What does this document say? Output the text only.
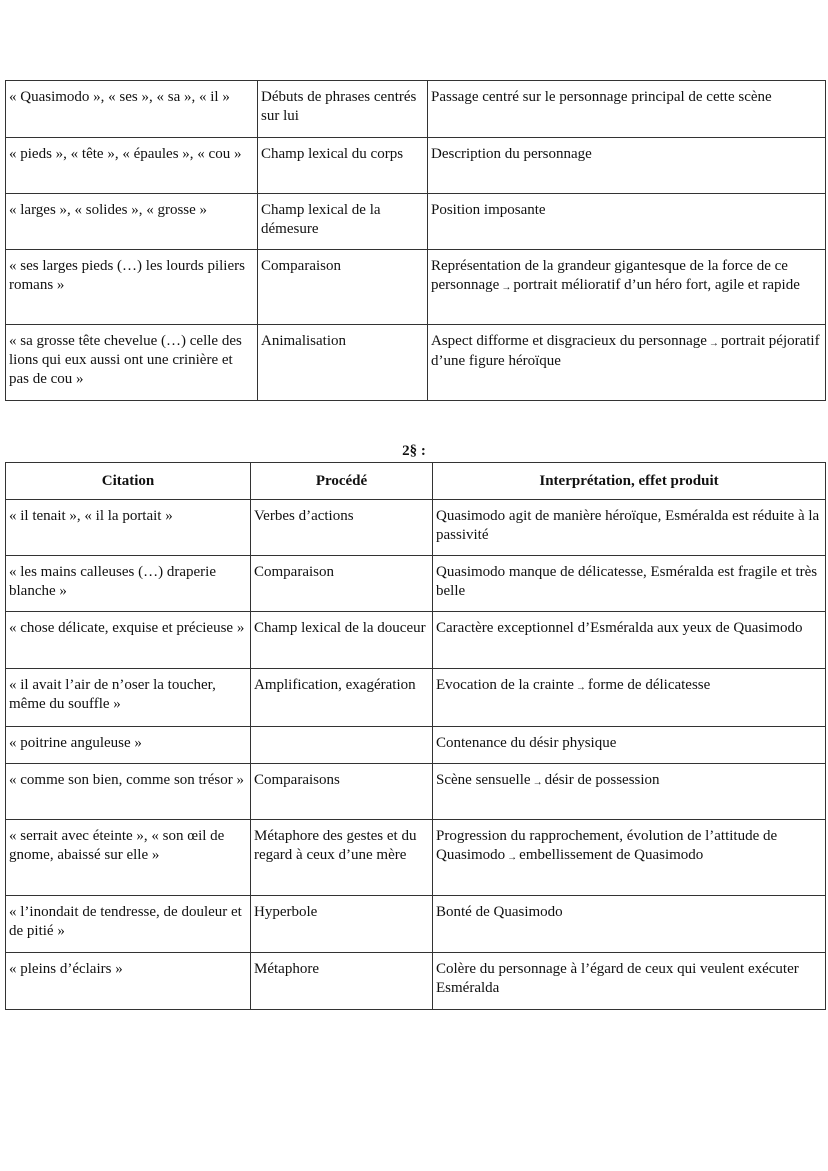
« Quasimodo », « ses », « sa », « il »	Débuts de phrases centrés sur lui	Passage centré sur le personnage principal de cette scène
« pieds », « tête », « épaules », « cou »	Champ lexical du corps	Description du personnage
« larges », « solides », « grosse »	Champ lexical de la démesure	Position imposante
« ses larges pieds (…) les lourds piliers romans »	Comparaison	Représentation de la grandeur gigantesque de la force de ce personnage → portrait mélioratif d’un héro fort, agile et rapide
« sa grosse tête chevelue (…) celle des lions qui eux aussi ont une crinière et pas de cou »	Animalisation	Aspect difforme et disgracieux du personnage → portrait péjoratif d’une figure héroïque
2§ :
Citation	Procédé	Interprétation, effet produit
« il tenait », « il la portait »	Verbes d’actions	Quasimodo agit de manière héroïque, Esméralda est réduite à la passivité
« les mains calleuses (…) draperie blanche »	Comparaison	Quasimodo manque de délicatesse, Esméralda est fragile et très belle
« chose délicate, exquise et précieuse »	Champ lexical de la douceur	Caractère exceptionnel d’Esméralda aux yeux de Quasimodo
« il avait l’air de n’oser la toucher, même du souffle »	Amplification, exagération	Evocation de la crainte → forme de délicatesse
« poitrine anguleuse »		Contenance du désir physique
« comme son bien, comme son trésor »	Comparaisons	Scène sensuelle → désir de possession
« serrait avec éteinte », « son œil de gnome, abaissé sur elle »	Métaphore des gestes et du regard à ceux d’une mère	Progression du rapprochement, évolution de l’attitude de Quasimodo → embellissement de Quasimodo
« l’inondait de tendresse, de douleur et de pitié »	Hyperbole	Bonté de Quasimodo
« pleins d’éclairs »	Métaphore	Colère du personnage à l’égard de ceux qui veulent exécuter Esméralda
